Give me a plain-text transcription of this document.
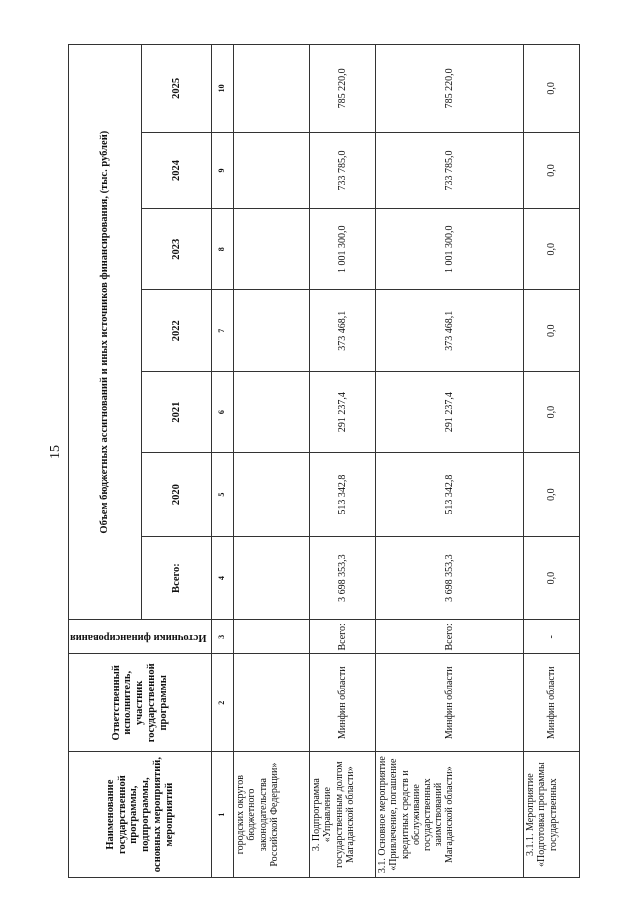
15
Наименование государственной программы, подпрограммы, основных мероприятий, мероприятий	Ответственный исполнитель, участник государственной программы	Источники финансирования	Объем бюджетных ассигнований и иных источников финансирования, (тыс. рублей)						
			Всего:	2020	2021	2022	2023	2024	2025
1	2	3	4	5	6	7	8	9	10
городских округов бюджетного законодательства Российской Федерации»									
3. Подпрограмма «Управление государственным долгом Магаданской области»	Минфин области	Всего:	3 698 353,3	513 342,8	291 237,4	373 468,1	1 001 300,0	733 785,0	785 220,0
3.1. Основное мероприятие «Привлечение, погашение кредитных средств и обслуживание государственных заимствований Магаданской области»	Минфин области	Всего:	3 698 353,3	513 342,8	291 237,4	373 468,1	1 001 300,0	733 785,0	785 220,0
3.1.1. Мероприятие «Подготовка программы государственных	Минфин области	-	0,0	0,0	0,0	0,0	0,0	0,0	0,0
